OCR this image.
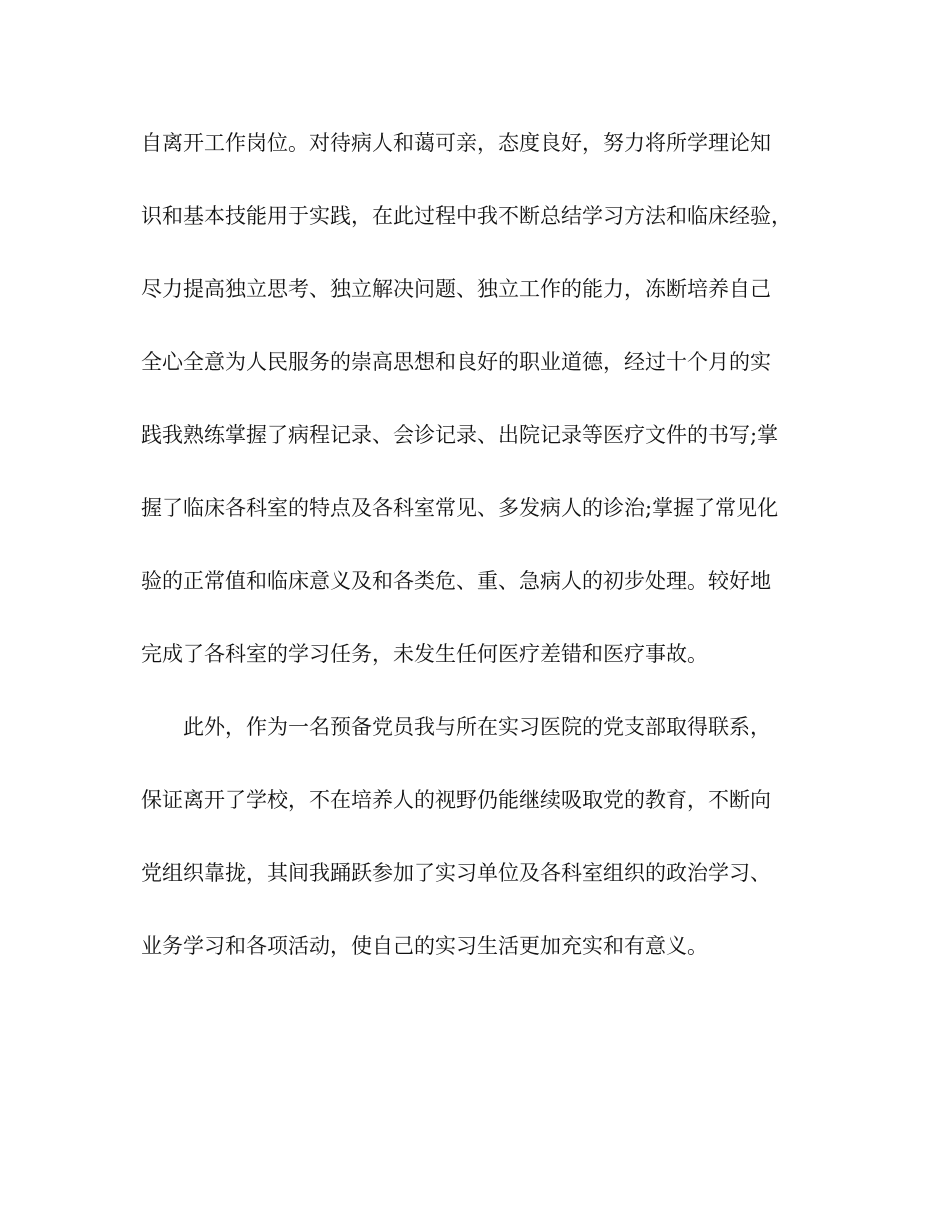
自离开工作岗位。对待病人和蔼可亲，态度良好，努力将所学理论知
识和基本技能用于实践，在此过程中我不断总结学习方法和临床经验，
尽力提高独立思考、独立解决问题、独立工作的能力，冻断培养自己
全心全意为人民服务的崇高思想和良好的职业道德，经过十个月的实
践我熟练掌握了病程记录、会诊记录、出院记录等医疗文件的书写;掌
握了临床各科室的特点及各科室常见、多发病人的诊治;掌握了常见化
验的正常值和临床意义及和各类危、重、急病人的初步处理。较好地
完成了各科室的学习任务，未发生任何医疗差错和医疗事故。
此外，作为一名预备党员我与所在实习医院的党支部取得联系，
保证离开了学校，不在培养人的视野仍能继续吸取党的教育，不断向
党组织靠拢，其间我踊跃参加了实习单位及各科室组织的政治学习、
业务学习和各项活动，使自己的实习生活更加充实和有意义。
